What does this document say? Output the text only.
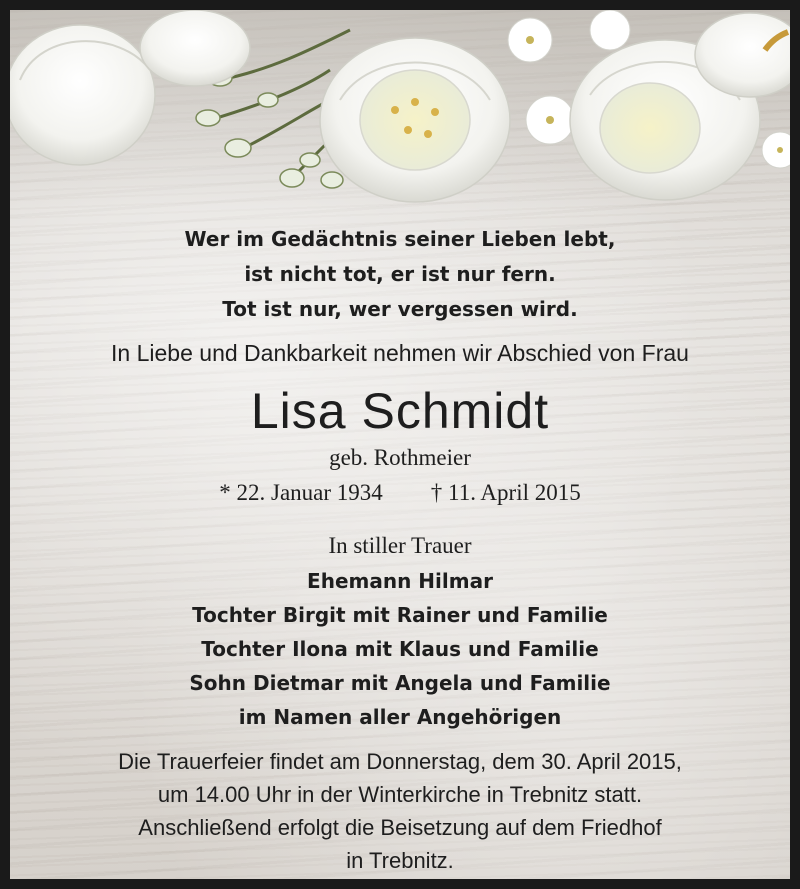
Wer im Gedächtnis seiner Lieben lebt,
ist nicht tot, er ist nur fern.
Tot ist nur, wer vergessen wird.
In Liebe und Dankbarkeit nehmen wir Abschied von Frau
Lisa Schmidt
geb. Rothmeier
* 22. Januar 1934 † 11. April 2015
In stiller Trauer
Ehemann Hilmar
Tochter Birgit mit Rainer und Familie
Tochter Ilona mit Klaus und Familie
Sohn Dietmar mit Angela und Familie
im Namen aller Angehörigen
Die Trauerfeier findet am Donnerstag, dem 30. April 2015,
um 14.00 Uhr in der Winterkirche in Trebnitz statt.
Anschließend erfolgt die Beisetzung auf dem Friedhof
in Trebnitz.
